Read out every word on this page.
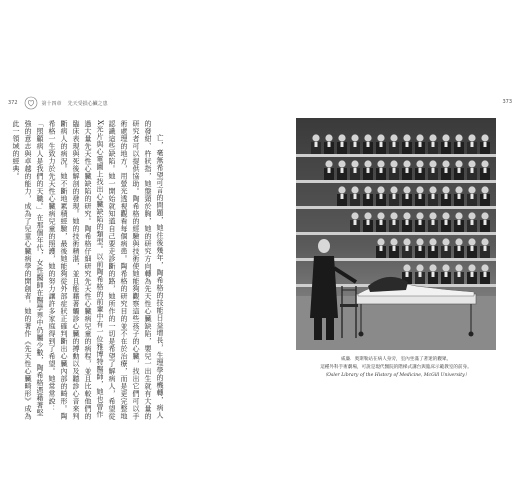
372	第十四章 先天受損心臟之患	373

亡，毫無希望可言的問題，她往後幾年，陶希格的技能日益增長，生理學的機轉，病人的發紺、杵狀指，她盤頸於胸，她的研究方向轉為先天性心臟缺陷，嬰兒一出生就有大量的研究者可以提供協助。陶希格的經驗與技術使她能夠觀察這些孩子的心臟，找出它們可以手術處理的地方，用螢光透視觀看每個病患。陶希格的研究目的並不在於治療，而是更完整地認識這些缺陷。她一開始就知道自己要走診斷的路，她所作的一切是希望了解病人，希望從X光片與心電圖上找出心臟缺陷的類型。以前陶希格的前輩中有一位雅博特醫師，她也曾作過大量先天性心臟缺陷的研究。陶希格仔細研究先天性心臟病兒童的病程，並且比較他們的臨床表現與死後解剖的發現。她的技術精湛，並且能藉著觸診心臟的搏動以及聽診心音來判斷病人的病況。她不斷地累積經驗，最後她能夠從外部症狀正確判斷出心臟內部的畸形。陶希格一生致力於先天性心臟病兒童的照護，她的努力讓許多家庭得到了希望。她常常說：「照顧病人是我們的天職。」在那個年代，女性醫師在醫學界中仍屬少數，陶希格憑藉著堅強的意志與卓越的能力，成為了兒童心臟病學的開創者。她的著作《先天性心臟畸形》成為此一領域的經典。

威廉．奧斯勒站在病人身旁，室內坐滿了著迷的觀眾。
這種外科手術劇場，可說是現代醫院的階梯式講台與臨床示範教室的前身。
（Osler Library of the History of Medicine, McGill University）
